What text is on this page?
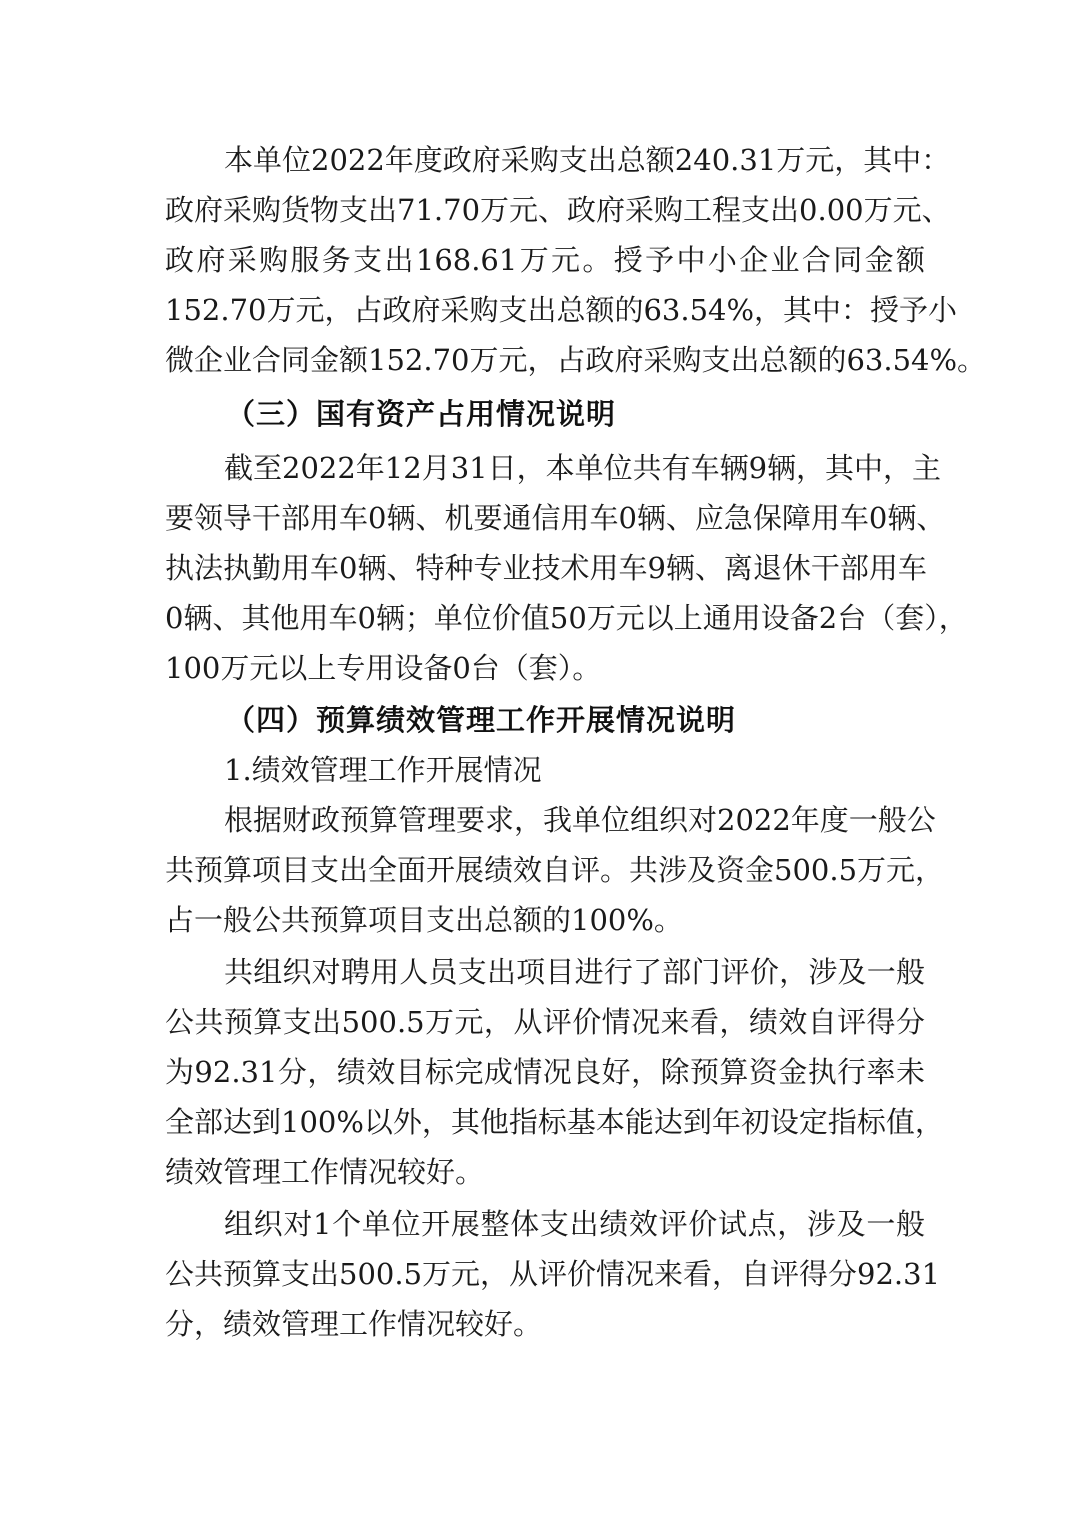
本单位2022年度政府采购支出总额240.31万元，其中：
政府采购货物支出71.70万元、政府采购工程支出0.00万元、
政府采购服务支出168.61万元。授予中小企业合同金额
152.70万元，占政府采购支出总额的63.54%，其中：授予小
微企业合同金额152.70万元，占政府采购支出总额的63.54%。
（三）国有资产占用情况说明
截至2022年12月31日，本单位共有车辆9辆，其中，主
要领导干部用车0辆、机要通信用车0辆、应急保障用车0辆、
执法执勤用车0辆、特种专业技术用车9辆、离退休干部用车
0辆、其他用车0辆；单位价值50万元以上通用设备2台（套），
100万元以上专用设备0台（套）。
（四）预算绩效管理工作开展情况说明
1.绩效管理工作开展情况
根据财政预算管理要求，我单位组织对2022年度一般公
共预算项目支出全面开展绩效自评。共涉及资金500.5万元，
占一般公共预算项目支出总额的100%。
共组织对聘用人员支出项目进行了部门评价，涉及一般
公共预算支出500.5万元，从评价情况来看，绩效自评得分
为92.31分，绩效目标完成情况良好，除预算资金执行率未
全部达到100%以外，其他指标基本能达到年初设定指标值，
绩效管理工作情况较好。
组织对1个单位开展整体支出绩效评价试点，涉及一般
公共预算支出500.5万元，从评价情况来看，自评得分92.31
分，绩效管理工作情况较好。
